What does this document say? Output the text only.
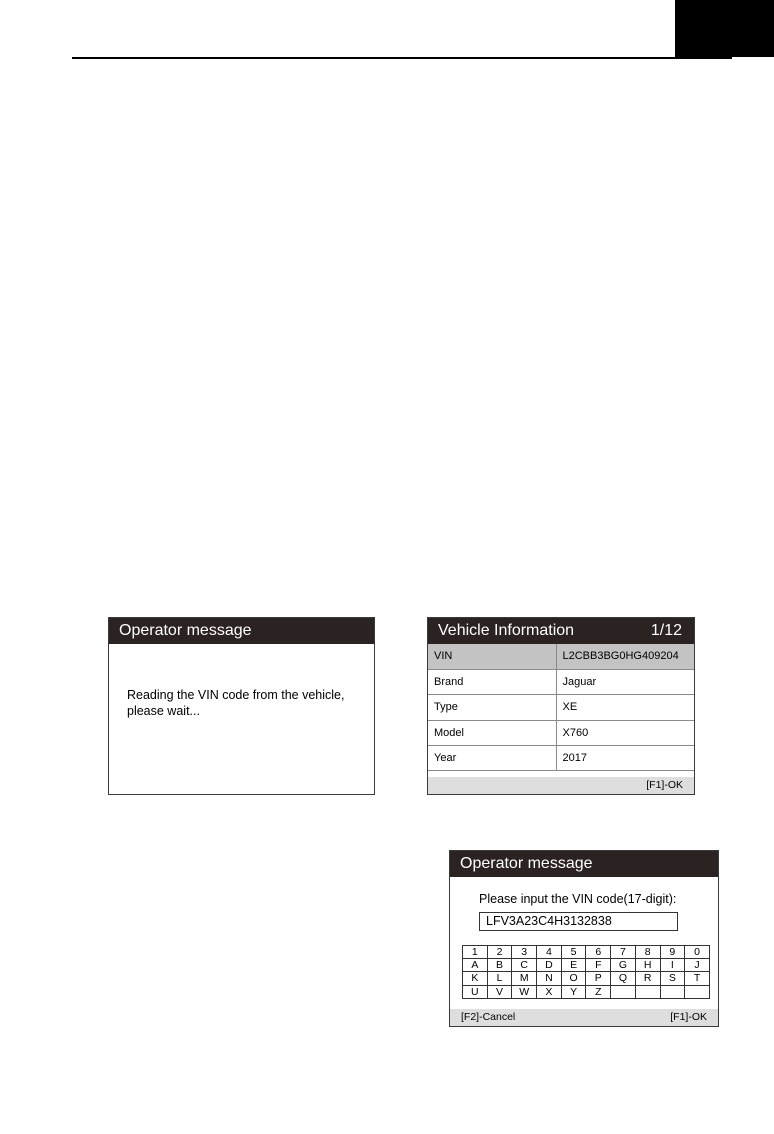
Operator message
Reading the VIN code from the vehicle,
please wait...
Vehicle Information	1/12
VIN	L2CBB3BG0HG409204
Brand	Jaguar
Type	XE
Model	X760
Year	2017
[F1]-OK
Operator message
Please input the VIN code(17-digit):
LFV3A23C4H3132838
1	2	3	4	5	6	7	8	9	0
A	B	C	D	E	F	G	H	I	J
K	L	M	N	O	P	Q	R	S	T
U	V	W	X	Y	Z				
[F2]-Cancel	[F1]-OK
